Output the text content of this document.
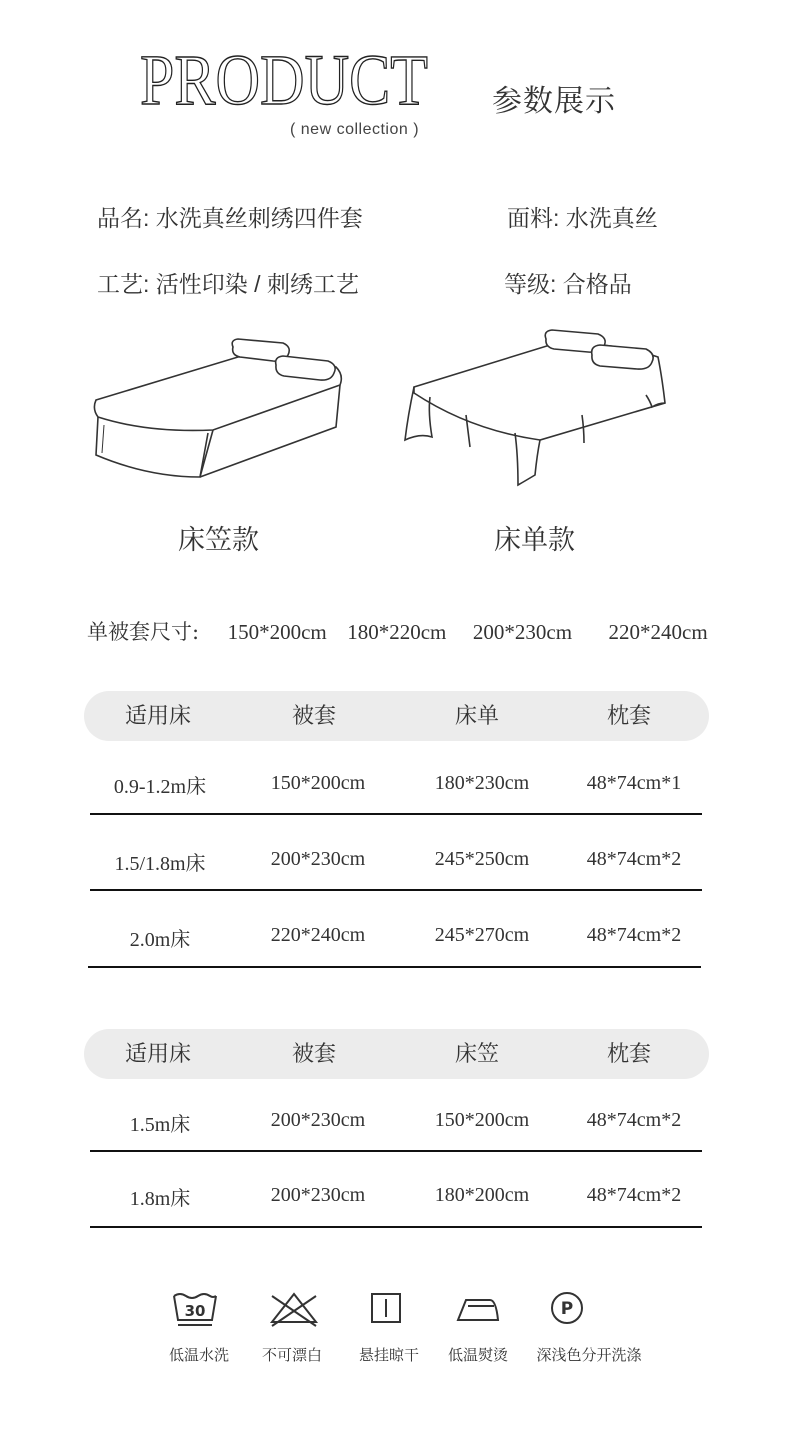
PRODUCT
( new collection )
参数展示
品名: 水洗真丝刺绣四件套	面料: 水洗真丝
工艺: 活性印染 / 刺绣工艺	等级: 合格品
床笠款	床单款
单被套尺寸: 150*200cm 180*220cm 200*230cm 220*240cm
适用床	被套	床单	枕套
0.9-1.2m床	150*200cm	180*230cm	48*74cm*1
1.5/1.8m床	200*230cm	245*250cm	48*74cm*2
2.0m床	220*240cm	245*270cm	48*74cm*2
适用床	被套	床笠	枕套
1.5m床	200*230cm	150*200cm	48*74cm*2
1.8m床	200*230cm	180*200cm	48*74cm*2
30	P
低温水洗	不可漂白	悬挂晾干	低温熨烫	深浅色分开洗涤
